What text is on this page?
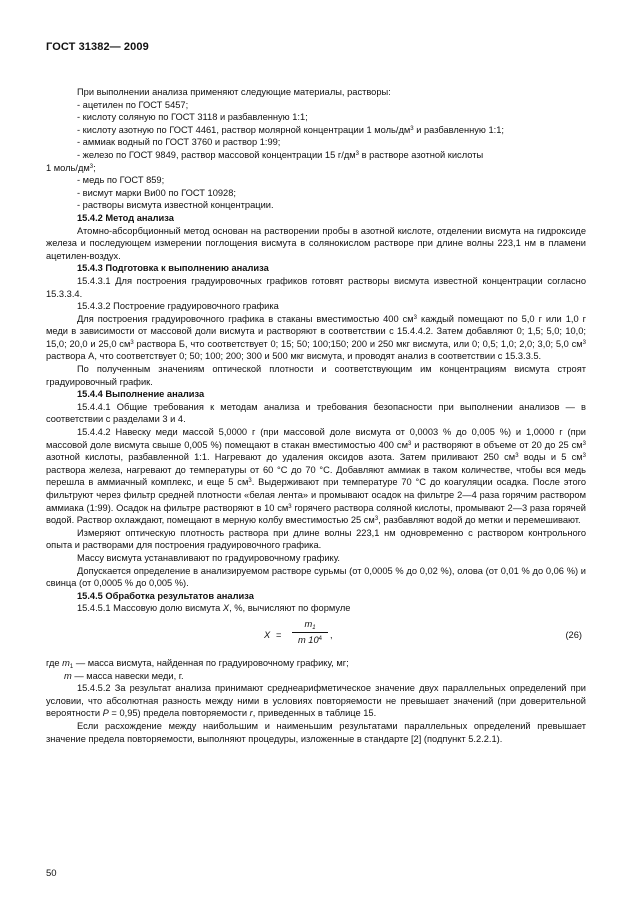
ГОСТ 31382— 2009

При выполнении анализа применяют следующие материалы, растворы:

- ацетилен по ГОСТ 5457;

- кислоту соляную по ГОСТ 3118 и разбавленную 1:1;

- кислоту азотную по ГОСТ 4461, раствор молярной концентрации 1 моль/$дм^3$ и разбавленную 1:1;

- аммиак водный по ГОСТ 3760 и раствор 1:99;

- железо по ГОСТ 9849, раствор массовой концентрации 15 $г/дм^3$ в растворе азотной кислоты

1 моль/$дм^3$;

- медь по ГОСТ 859;

- висмут марки Ви00 по ГОСТ 10928;

- растворы висмута известной концентрации.

15.4.2 Метод анализа

Атомно-абсорбционный метод основан на растворении пробы в азотной кислоте, отделении висмута на гидроксиде железа и последующем измерении поглощения висмута в солянокислом растворе при длине волны 223,1 нм в пламени ацетилен-воздух.

15.4.3 Подготовка к выполнению анализа

15.4.3.1 Для построения градуировочных графиков готовят растворы висмута известной концентрации согласно 15.3.3.4.

15.4.3.2 Построение градуировочного графика

Для построения градуировочного графика в стаканы вместимостью 400 $см^3$ каждый помещают по 5,0 г или 1,0 г меди в зависимости от массовой доли висмута и растворяют в соответствии с 15.4.4.2. Затем добавляют 0; 1,5; 5,0; 10,0; 15,0; 20,0 и 25,0 $см^3$ раствора Б, что соответствует 0; 15; 50; 100;150; 200 и 250 мкг висмута, или 0; 0,5; 1,0; 2,0; 3,0; 5,0 $см^3$ раствора А, что соответствует 0; 50; 100; 200; 300 и 500 мкг висмута, и проводят анализ в соответствии с 15.3.3.5.

По полученным значениям оптической плотности и соответствующим им концентрациям висмута строят градуировочный график.

15.4.4 Выполнение анализа

15.4.4.1 Общие требования к методам анализа и требования безопасности при выполнении анализов — в соответствии с разделами 3 и 4.

15.4.4.2 Навеску меди массой 5,0000 г (при массовой доле висмута от 0,0003 % до 0,005 %) и 1,0000 г (при массовой доле висмута свыше 0,005 %) помещают в стакан вместимостью 400 $см^3$ и растворяют в объеме от 20 до 25 $см^3$ азотной кислоты, разбавленной 1:1. Нагревают до удаления оксидов азота. Затем приливают 250 $см^3$ воды и 5 $см^3$ раствора железа, нагревают до температуры от 60 °С до 70 °С. Добавляют аммиак в таком количестве, чтобы вся медь перешла в аммиачный комплекс, и еще 5 $см^3$. Выдерживают при температуре 70 °С до коагуляции осадка. После этого фильтруют через фильтр средней плотности «белая лента» и промывают осадок на фильтре 2—4 раза горячим раствором аммиака (1:99). Осадок на фильтре растворяют в 10 $см^3$ горячего раствора соляной кислоты, промывают 2—3 раза горячей водой. Раствор охлаждают, помещают в мерную колбу вместимостью 25 $см^3$, разбавляют водой до метки и перемешивают.

Измеряют оптическую плотность раствора при длине волны 223,1 нм одновременно с раствором контрольного опыта и растворами для построения градуировочного графика.

Массу висмута устанавливают по градуировочному графику.

Допускается определение в анализируемом растворе сурьмы (от 0,0005 % до 0,02 %), олова (от 0,01 % до 0,06 %) и свинца (от 0,0005 % до 0,005 %).

15.4.5 Обработка результатов анализа

15.4.5.1 Массовую долю висмута X, %, вычисляют по формуле

X =
$m_1$
m $10^4$ ,	(26)

где $m_1$ — масса висмута, найденная по градуировочному графику, мг;

m — масса навески меди, г.

15.4.5.2 За результат анализа принимают среднеарифметическое значение двух параллельных определений при условии, что абсолютная разность между ними в условиях повторяемости не превышает значений (при доверительной вероятности Р = 0,95) предела повторяемости r, приведенных в таблице 15.

Если расхождение между наибольшим и наименьшим результатами параллельных определений превышает значение предела повторяемости, выполняют процедуры, изложенные в стандарте [2] (подпункт 5.2.2.1).

50
